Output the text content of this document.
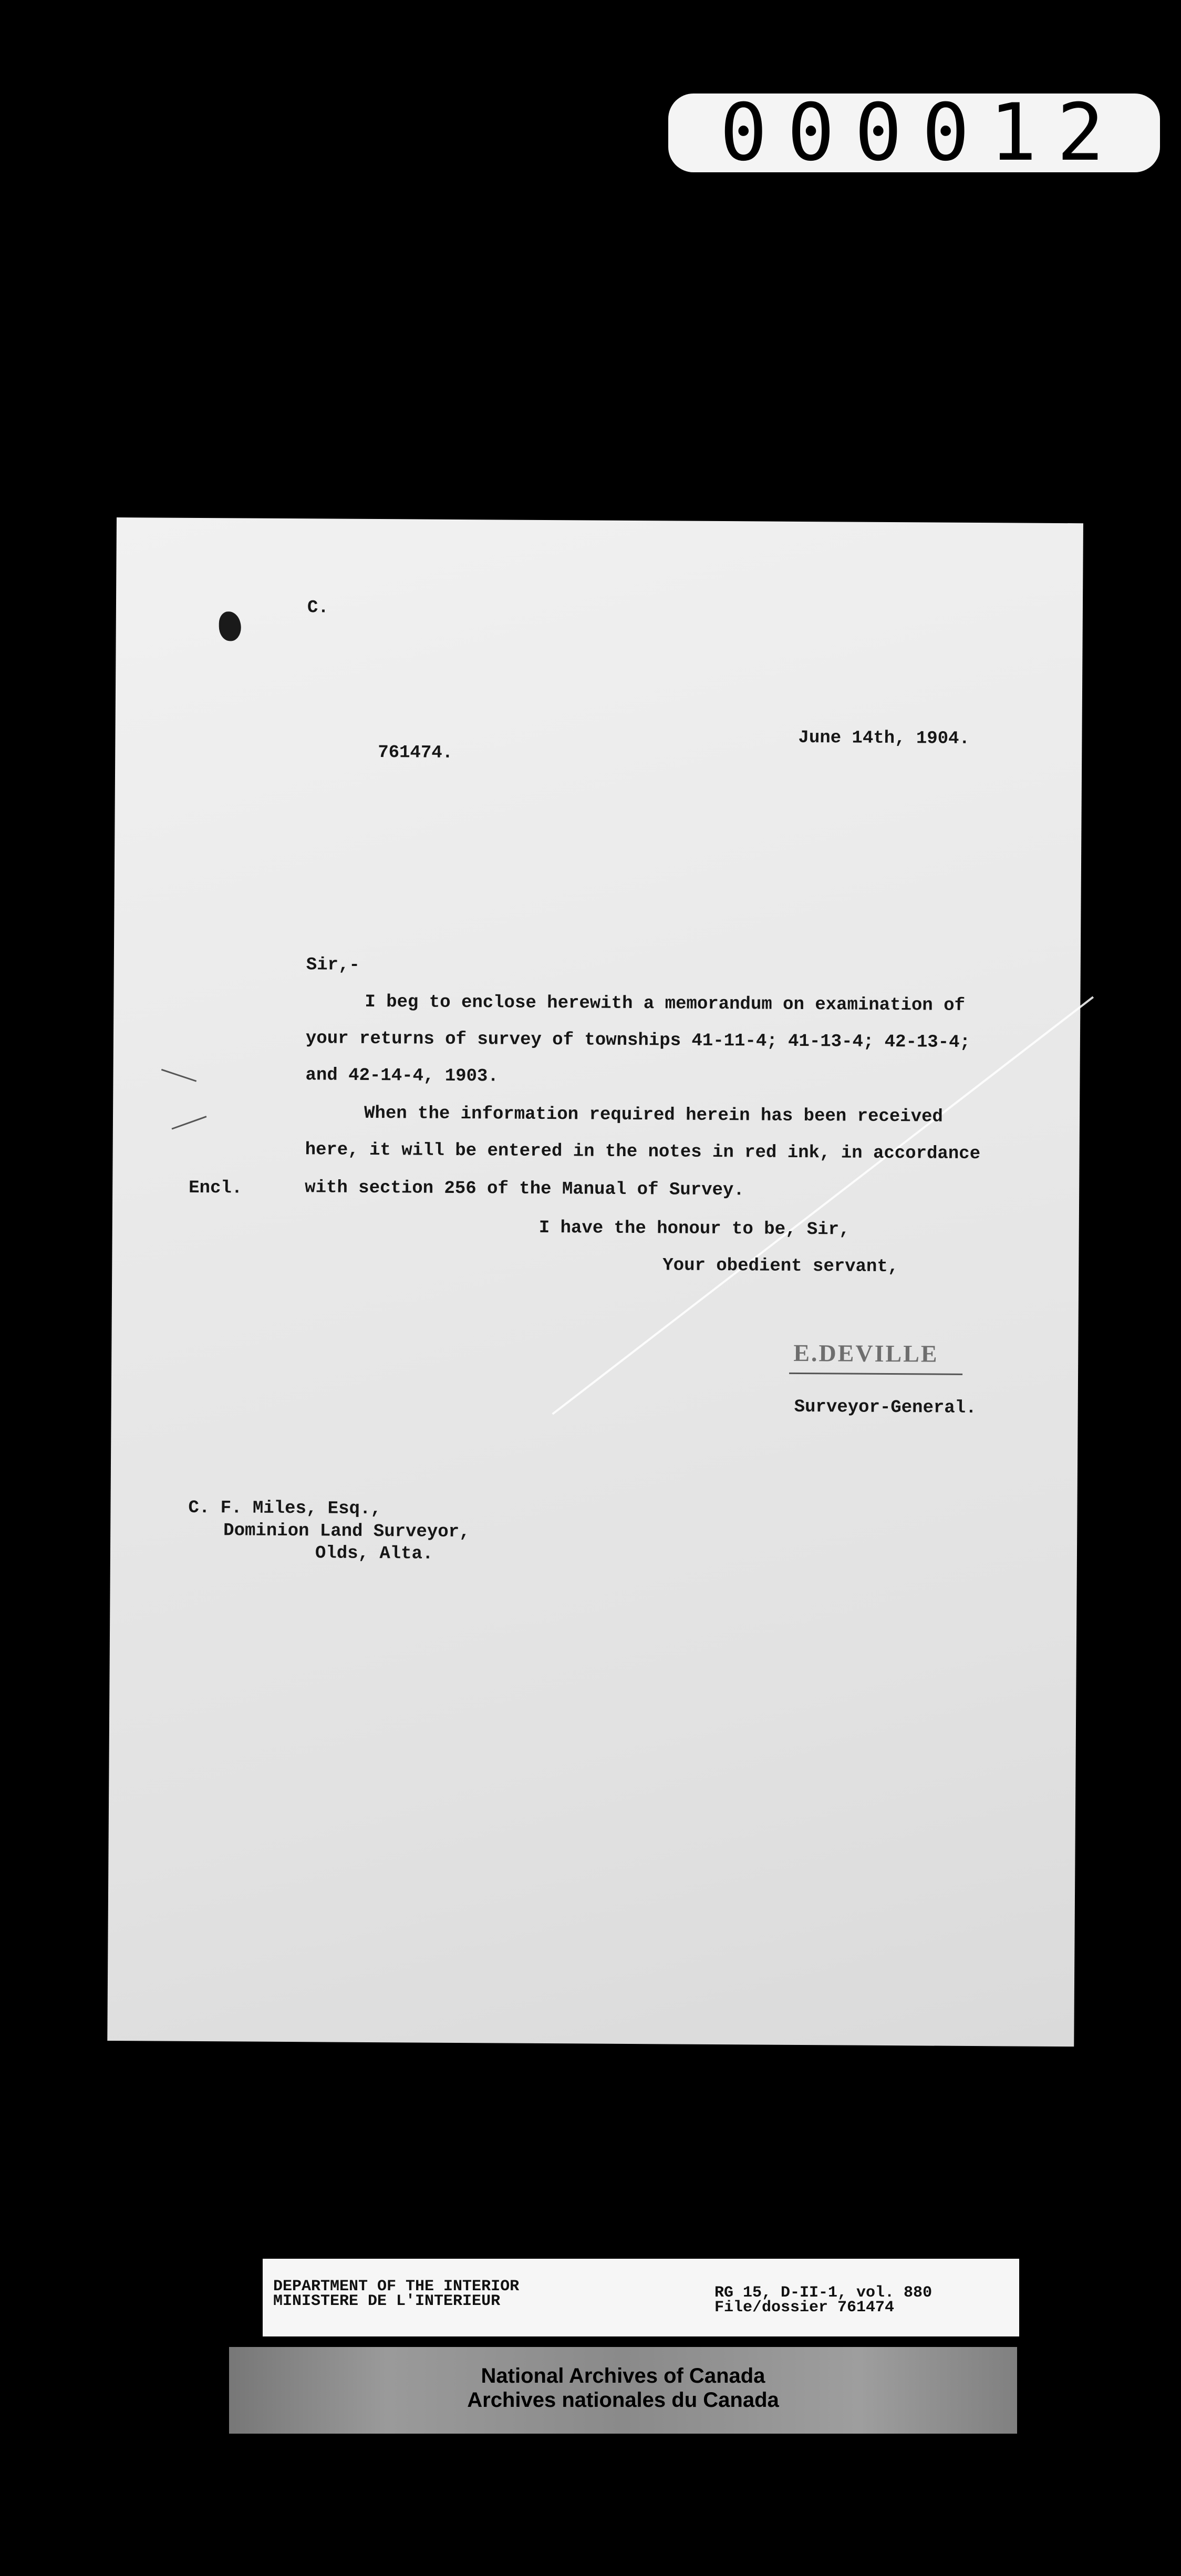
000012
C.
761474.
June 14th, 1904.
Sir,-
I beg to enclose herewith a memorandum on examination of
your returns of survey of townships 41-11-4; 41-13-4; 42-13-4;
and 42-14-4, 1903.
When the information required herein has been received
here, it will be entered in the notes in red ink, in accordance
with section 256 of the Manual of Survey.
Encl.
I have the honour to be, Sir,
Your obedient servant,
E.DEVILLE
Surveyor-General.
C. F. Miles, Esq.,
Dominion Land Surveyor,
Olds, Alta.
DEPARTMENT OF THE INTERIOR
MINISTERE DE L'INTERIEUR	RG 15, D-II-1, vol. 880
File/dossier 761474
National Archives of Canada
Archives nationales du Canada
